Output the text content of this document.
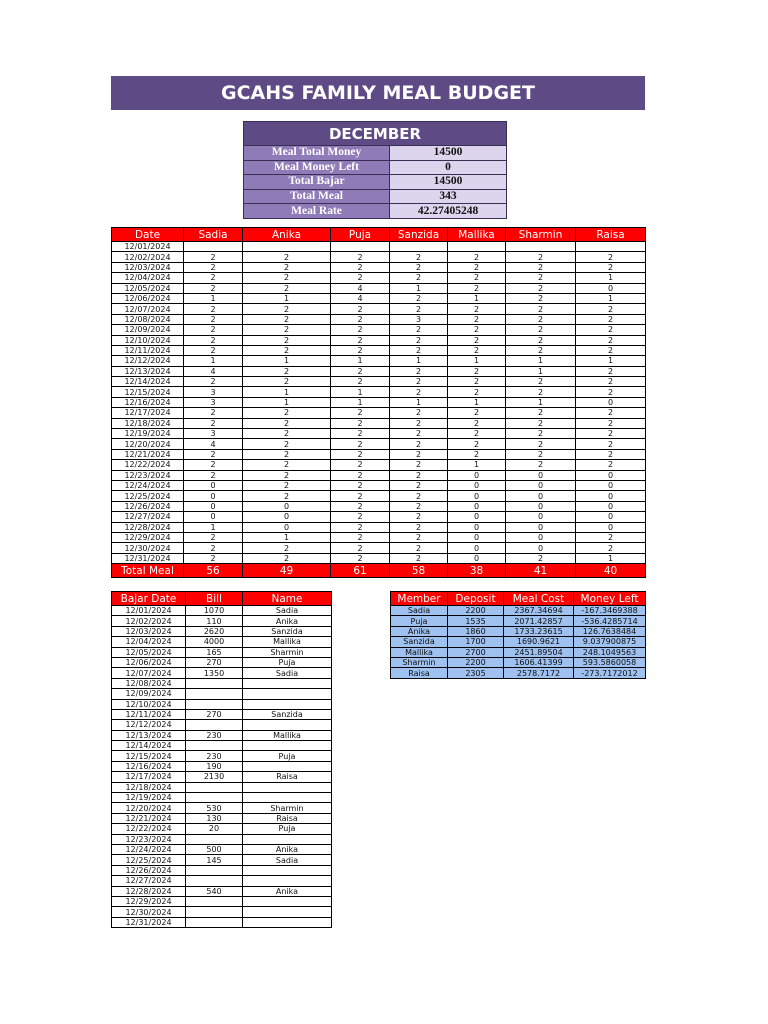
GCAHS FAMILY MEAL BUDGET
DECEMBER
Meal Total Money	14500
Meal Money Left	0
Total Bajar	14500
Total Meal	343
Meal Rate	42.27405248
Date	Sadia	Anika	Puja	Sanzida	Mallika	Sharmin	Raisa
12/01/2024							
12/02/2024	2	2	2	2	2	2	2
12/03/2024	2	2	2	2	2	2	2
12/04/2024	2	2	2	2	2	2	1
12/05/2024	2	2	4	1	2	2	0
12/06/2024	1	1	4	2	1	2	1
12/07/2024	2	2	2	2	2	2	2
12/08/2024	2	2	2	3	2	2	2
12/09/2024	2	2	2	2	2	2	2
12/10/2024	2	2	2	2	2	2	2
12/11/2024	2	2	2	2	2	2	2
12/12/2024	1	1	1	1	1	1	1
12/13/2024	4	2	2	2	2	1	2
12/14/2024	2	2	2	2	2	2	2
12/15/2024	3	1	1	2	2	2	2
12/16/2024	3	1	1	1	1	1	0
12/17/2024	2	2	2	2	2	2	2
12/18/2024	2	2	2	2	2	2	2
12/19/2024	3	2	2	2	2	2	2
12/20/2024	4	2	2	2	2	2	2
12/21/2024	2	2	2	2	2	2	2
12/22/2024	2	2	2	2	1	2	2
12/23/2024	2	2	2	2	0	0	0
12/24/2024	0	2	2	2	0	0	0
12/25/2024	0	2	2	2	0	0	0
12/26/2024	0	0	2	2	0	0	0
12/27/2024	0	0	2	2	0	0	0
12/28/2024	1	0	2	2	0	0	0
12/29/2024	2	1	2	2	0	0	2
12/30/2024	2	2	2	2	0	0	2
12/31/2024	2	2	2	2	0	2	1
Total Meal	56	49	61	58	38	41	40
Bajar Date	Bill	Name
12/01/2024	1070	Sadia
12/02/2024	110	Anika
12/03/2024	2620	Sanzida
12/04/2024	4000	Mallika
12/05/2024	165	Sharmin
12/06/2024	270	Puja
12/07/2024	1350	Sadia
12/08/2024		
12/09/2024		
12/10/2024		
12/11/2024	270	Sanzida
12/12/2024		
12/13/2024	230	Mallika
12/14/2024		
12/15/2024	230	Puja
12/16/2024	190	
12/17/2024	2130	Raisa
12/18/2024		
12/19/2024		
12/20/2024	530	Sharmin
12/21/2024	130	Raisa
12/22/2024	20	Puja
12/23/2024		
12/24/2024	500	Anika
12/25/2024	145	Sadia
12/26/2024		
12/27/2024		
12/28/2024	540	Anika
12/29/2024		
12/30/2024		
12/31/2024		
Member	Deposit	Meal Cost	Money Left
Sadia	2200	2367.34694	-167.3469388
Puja	1535	2071.42857	-536.4285714
Anika	1860	1733.23615	126.7638484
Sanzida	1700	1690.9621	9.037900875
Mallika	2700	2451.89504	248.1049563
Sharmin	2200	1606.41399	593.5860058
Raisa	2305	2578.7172	-273.7172012
